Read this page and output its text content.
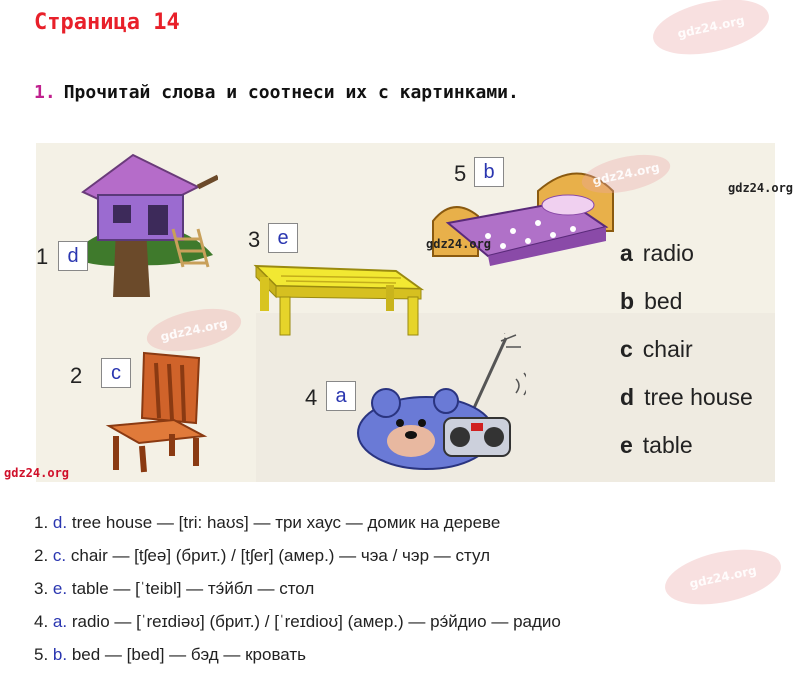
Страница 14	gdz24.org
1. Прочитай слова и соотнеси их с картинками.
1 d
2 c
3 e
4 a
5 b
a radio
b bed
c chair
d tree house
e table
gdz24.org
gdz24.org
gdz24.org
gdz24.org
gdz24.org
gdz24.org
1. d. tree house — [tri: haʊs] — три хаус — домик на дереве
2. c. chair — [tʃeə] (брит.) / [tʃer] (амер.) — чэа / чэр — стул
3. e. table — [ˈteibl] — тэ́йбл — стол
4. a. radio — [ˈreɪdiəʊ] (брит.) / [ˈreɪdioʊ] (амер.) — рэ́йдио — радио
5. b. bed — [bed] — бэд — кровать
